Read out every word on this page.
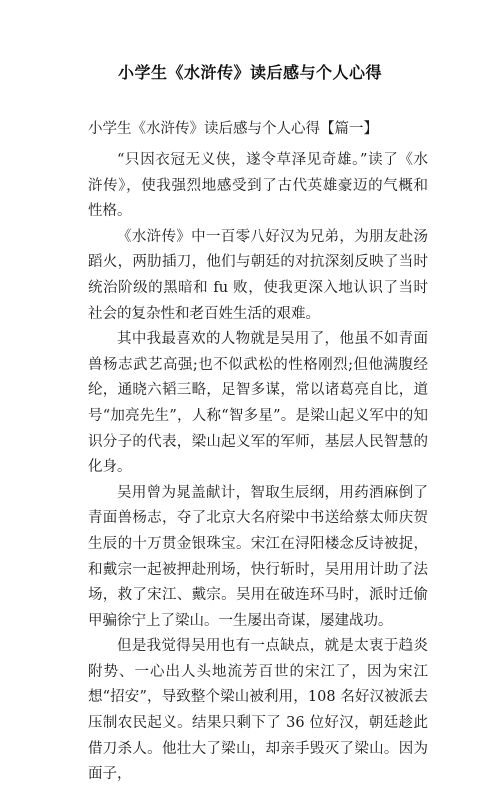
小学生《水浒传》读后感与个人心得
小学生《水浒传》读后感与个人心得【篇一】

“只因衣冠无义侠，遂令草泽见奇雄。”读了《水浒传》，使我强烈地感受到了古代英雄豪迈的气概和性格。

《水浒传》中一百零八好汉为兄弟，为朋友赴汤蹈火，两肋插刀，他们与朝廷的对抗深刻反映了当时统治阶级的黑暗和 fu 败，使我更深入地认识了当时社会的复杂性和老百姓生活的艰难。

其中我最喜欢的人物就是吴用了，他虽不如青面兽杨志武艺高强;也不似武松的性格刚烈;但他满腹经纶，通晓六韬三略，足智多谋，常以诸葛亮自比，道号“加亮先生”，人称“智多星”。是梁山起义军中的知识分子的代表，梁山起义军的军师，基层人民智慧的化身。

吴用曾为晁盖献计，智取生辰纲，用药酒麻倒了青面兽杨志，夺了北京大名府梁中书送给蔡太师庆贺生辰的十万贯金银珠宝。宋江在浔阳楼念反诗被捉，和戴宗一起被押赴刑场，快行斩时，吴用用计助了法场，救了宋江、戴宗。吴用在破连环马时，派时迁偷甲骗徐宁上了梁山。一生屡出奇谋，屡建战功。

但是我觉得吴用也有一点缺点，就是太衷于趋炎附势、一心出人头地流芳百世的宋江了，因为宋江想“招安”，导致整个梁山被利用，108 名好汉被派去压制农民起义。结果只剩下了 36 位好汉，朝廷趁此借刀杀人。他壮大了梁山，却亲手毁灭了梁山。因为面子，
